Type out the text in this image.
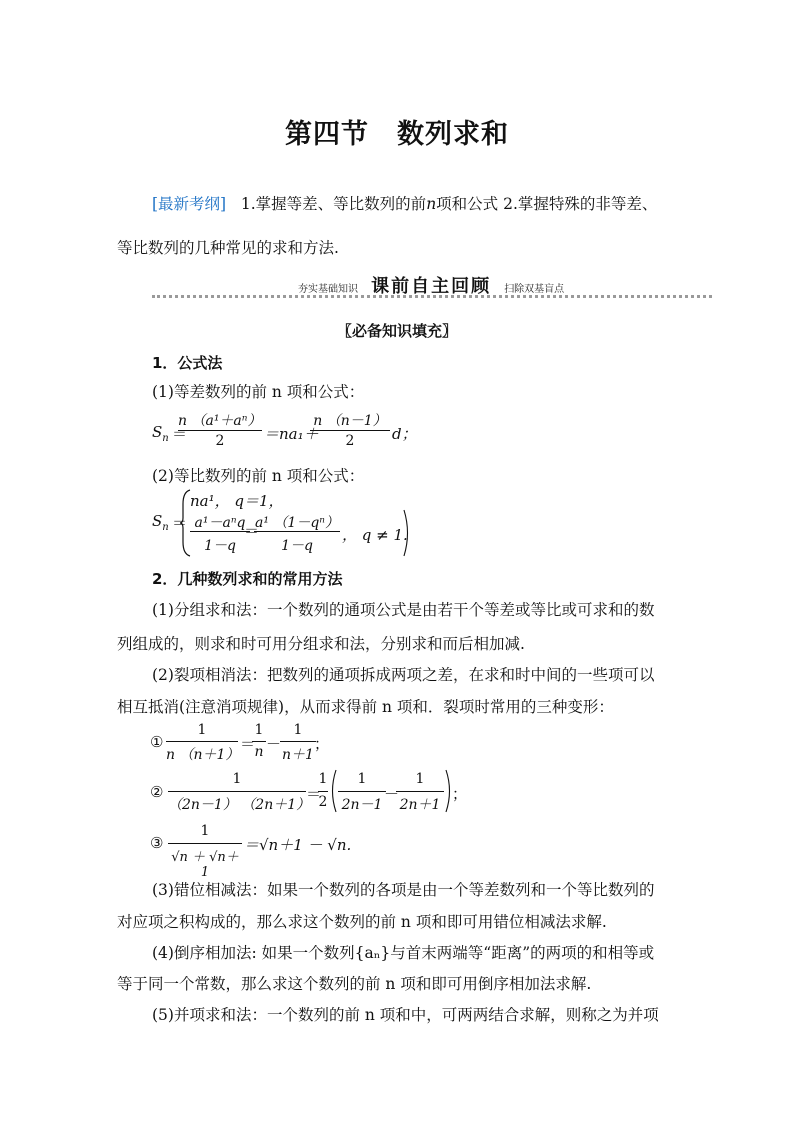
第四节 数列求和
[最新考纲] 1.掌握等差、等比数列的前n项和公式 2.掌握特殊的非等差、
等比数列的几种常见的求和方法.
夯实基础知识 课前自主回顾 扫除双基盲点
〖必备知识填充〗
1．公式法
(1)等差数列的前 n 项和公式：
$S_n$ ＝
n （a¹＋aⁿ）
2	＝na₁＋
n （n－1）
2	d；
(2)等比数列的前 n 项和公式：
$S_n$ ＝
na¹， q＝1，
a¹－aⁿq
1－q
＝
a¹ （1－qⁿ）
1－q
， q ≠ 1.
2．几种数列求和的常用方法
(1)分组求和法：一个数列的通项公式是由若干个等差或等比或可求和的数
列组成的，则求和时可用分组求和法，分别求和而后相加减.
(2)裂项相消法：把数列的通项拆成两项之差，在求和时中间的一些项可以
相互抵消(注意消项规律)，从而求得前 n 项和．裂项时常用的三种变形：
①
1
n （n＋1）
＝
1
n －
1
n＋1
；
②
1
（2n－1） （2n＋1）
＝
1
2
1
2n－1
－
1
2n＋1
；
③
1
√n ＋ √n＋1
＝√n＋1 － √n.
(3)错位相减法：如果一个数列的各项是由一个等差数列和一个等比数列的
对应项之积构成的，那么求这个数列的前 n 项和即可用错位相减法求解.
(4)倒序相加法: 如果一个数列{aₙ}与首末两端等“距离”的两项的和相等或
等于同一个常数，那么求这个数列的前 n 项和即可用倒序相加法求解.
(5)并项求和法：一个数列的前 n 项和中，可两两结合求解，则称之为并项
